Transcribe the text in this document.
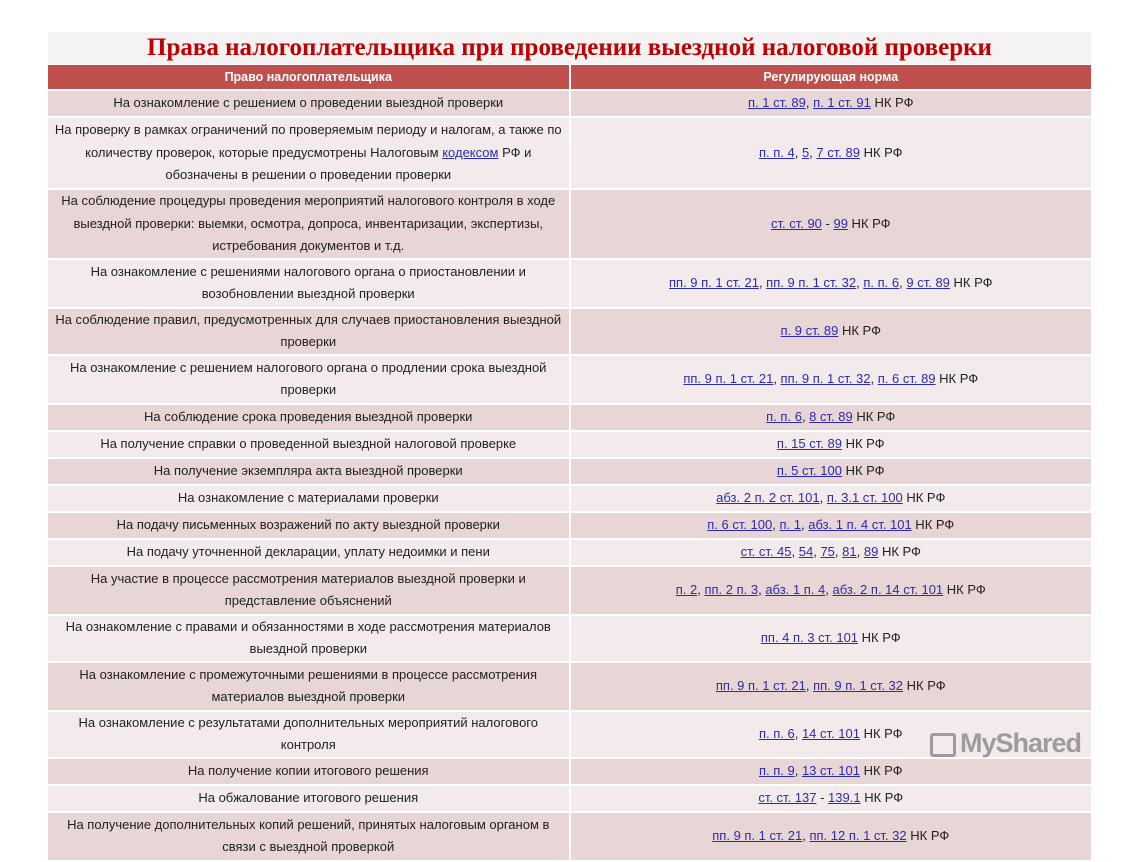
Права налогоплательщика при проведении выездной налоговой проверки
Право налогоплательщика	Регулирующая норма
На ознакомление с решением о проведении выездной проверки	п. 1 ст. 89, п. 1 ст. 91 НК РФ
На проверку в рамках ограничений по проверяемым периоду и налогам, а также по количеству проверок, которые предусмотрены Налоговым кодексом РФ и обозначены в решении о проведении проверки	п. п. 4, 5, 7 ст. 89 НК РФ
На соблюдение процедуры проведения мероприятий налогового контроля в ходе выездной проверки: выемки, осмотра, допроса, инвентаризации, экспертизы, истребования документов и т.д.	ст. ст. 90 - 99 НК РФ
На ознакомление с решениями налогового органа о приостановлении и возобновлении выездной проверки	пп. 9 п. 1 ст. 21, пп. 9 п. 1 ст. 32, п. п. 6, 9 ст. 89 НК РФ
На соблюдение правил, предусмотренных для случаев приостановления выездной проверки	п. 9 ст. 89 НК РФ
На ознакомление с решением налогового органа о продлении срока выездной проверки	пп. 9 п. 1 ст. 21, пп. 9 п. 1 ст. 32, п. 6 ст. 89 НК РФ
На соблюдение срока проведения выездной проверки	п. п. 6, 8 ст. 89 НК РФ
На получение справки о проведенной выездной налоговой проверке	п. 15 ст. 89 НК РФ
На получение экземпляра акта выездной проверки	п. 5 ст. 100 НК РФ
На ознакомление с материалами проверки	абз. 2 п. 2 ст. 101, п. 3.1 ст. 100 НК РФ
На подачу письменных возражений по акту выездной проверки	п. 6 ст. 100, п. 1, абз. 1 п. 4 ст. 101 НК РФ
На подачу уточненной декларации, уплату недоимки и пени	ст. ст. 45, 54, 75, 81, 89 НК РФ
На участие в процессе рассмотрения материалов выездной проверки и представление объяснений	п. 2, пп. 2 п. 3, абз. 1 п. 4, абз. 2 п. 14 ст. 101 НК РФ
На ознакомление с правами и обязанностями в ходе рассмотрения материалов выездной проверки	пп. 4 п. 3 ст. 101 НК РФ
На ознакомление с промежуточными решениями в процессе рассмотрения материалов выездной проверки	пп. 9 п. 1 ст. 21, пп. 9 п. 1 ст. 32 НК РФ
На ознакомление с результатами дополнительных мероприятий налогового контроля	п. п. 6, 14 ст. 101 НК РФ
На получение копии итогового решения	п. п. 9, 13 ст. 101 НК РФ
На обжалование итогового решения	ст. ст. 137 - 139.1 НК РФ
На получение дополнительных копий решений, принятых налоговым органом в связи с выездной проверкой	пп. 9 п. 1 ст. 21, пп. 12 п. 1 ст. 32 НК РФ
MyShared
